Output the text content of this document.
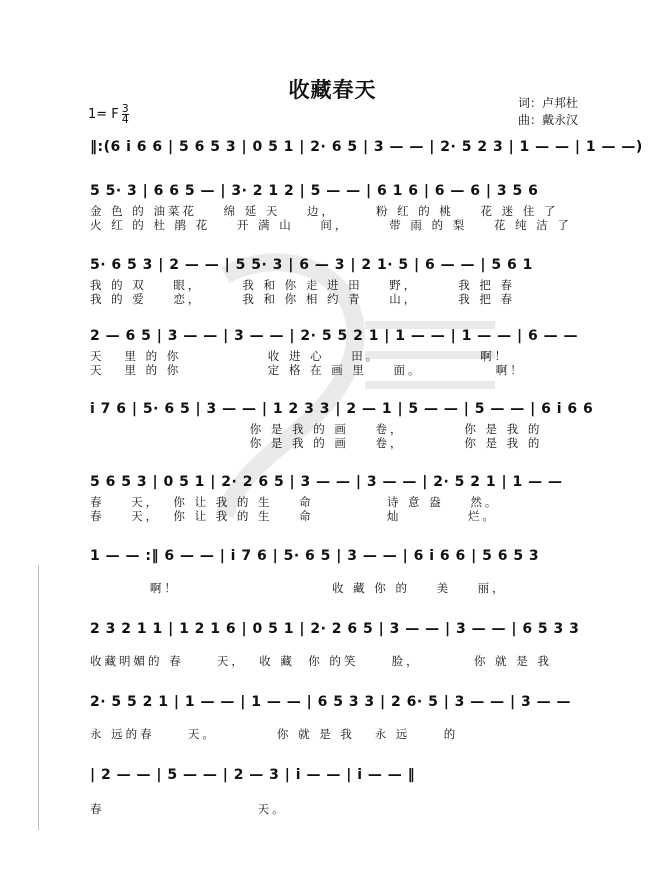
收藏春天
词：卢邦杜
曲：戴永汉
1= F $\frac{3}{4}$

‖:(6 i 6 6 | 5 6 5 3 | 0 5 1 | 2· 6 5 | 3 — — | 2· 5 2 3 | 1 — — | 1 — —)

5 5· 3 | 6 6 5 — | 3· 2 1 2 | 5 — — | 6 1 6 | 6 — 6 | 3 5 6

金 色 的 油菜花    绵 延 天    边，      粉 红 的 桃    花 迷 住 了
火 红 的 杜 鹃 花    开 满 山    间，      带 雨 的 梨    花 纯 洁 了

5· 6 5 3 | 2 — — | 5 5· 3 | 6 — 3 | 2 1· 5 | 6 — — | 5 6 1

我 的 双    眼，      我 和 你 走 进 田    野，      我 把 春
我 的 爱    恋，      我 和 你 相 约 青    山，      我 把 春

2 — 6 5 | 3 — — | 3 — — | 2· 5 5 2 1 | 1 — — | 1 — — | 6 — —

天   里 的 你             收 进 心    田。               啊！
天   里 的 你             定 格 在 画 里    面。           啊！

i 7 6 | 5· 6 5 | 3 — — | 1 2 3 3 | 2 — 1 | 5 — — | 5 — — | 6 i 6 6

你 是 我 的 画    卷，         你 是 我 的
你 是 我 的 画    卷，         你 是 我 的

5 6 5 3 | 0 5 1 | 2· 2 6 5 | 3 — — | 3 — — | 2· 5 2 1 | 1 — —

春    天，  你 让 我 的 生    命           诗 意 盎    然。
春    天，  你 让 我 的 生    命           灿          烂。

1 — — :‖ 6 — — | i 7 6 | 5· 6 5 | 3 — — | 6 i 6 6 | 5 6 5 3

啊！                       收 藏 你 的    美    丽，

2 3 2 1 1 | 1 2 1 6 | 0 5 1 | 2· 2 6 5 | 3 — — | 3 — — | 6 5 3 3

收藏明媚的 春     天，  收 藏  你 的笑     脸，        你 就 是 我

2· 5 5 2 1 | 1 — — | 1 — — | 6 5 3 3 | 2 6· 5 | 3 — — | 3 — —

永 远的春     天。         你 就 是 我   永 远     的

| 2 — — | 5 — — | 2 — 3 | i — — | i — — ‖

春                       天。
